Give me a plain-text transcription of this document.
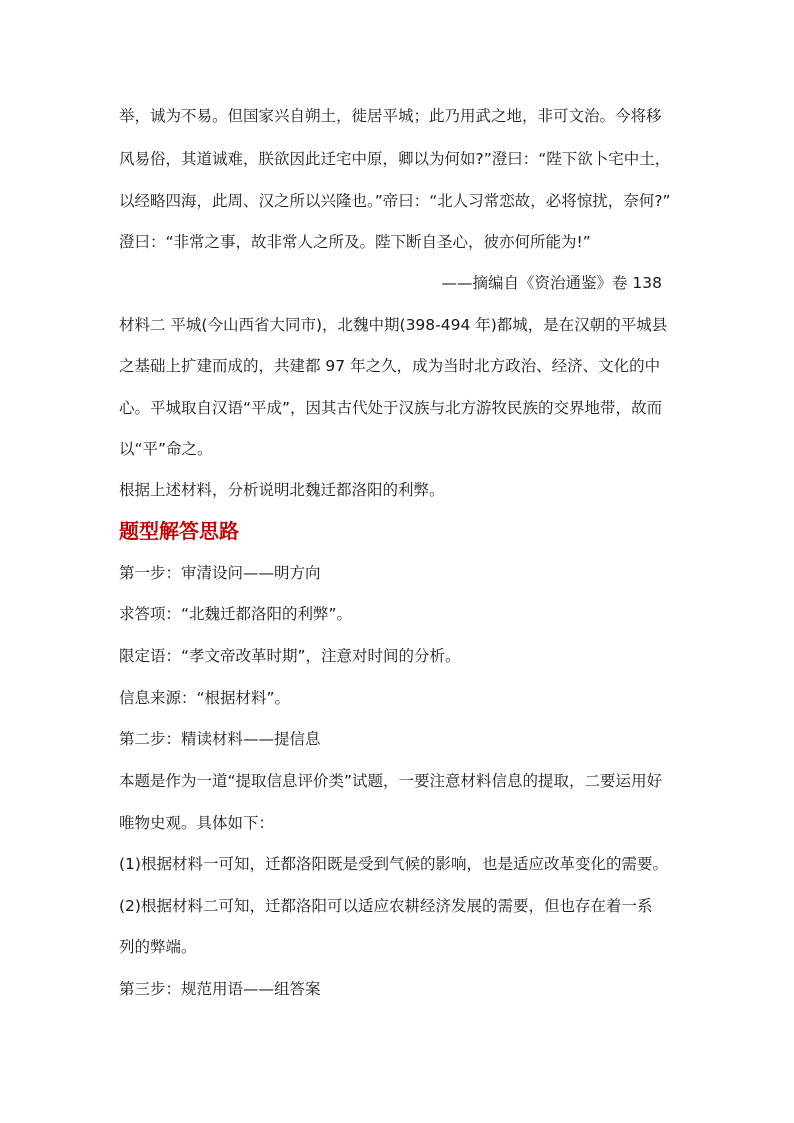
举，诚为不易。但国家兴自朔土，徙居平城；此乃用武之地，非可文治。今将移

风易俗，其道诚难，朕欲因此迁宅中原，卿以为何如?”澄曰：“陛下欲卜宅中土，

以经略四海，此周、汉之所以兴隆也。”帝曰：“北人习常恋故，必将惊扰，奈何?”

澄曰：“非常之事，故非常人之所及。陛下断自圣心，彼亦何所能为!”

——摘编自《资治通鉴》卷 138

材料二 平城(今山西省大同市)，北魏中期(398-494 年)都城，是在汉朝的平城县

之基础上扩建而成的，共建都 97 年之久，成为当时北方政治、经济、文化的中

心。平城取自汉语“平成”，因其古代处于汉族与北方游牧民族的交界地带，故而

以“平”命之。

根据上述材料，分析说明北魏迁都洛阳的利弊。

题型解答思路

第一步：审清设问——明方向

求答项：“北魏迁都洛阳的利弊”。

限定语：“孝文帝改革时期”，注意对时间的分析。

信息来源：“根据材料”。

第二步：精读材料——提信息

本题是作为一道“提取信息评价类”试题，一要注意材料信息的提取，二要运用好

唯物史观。具体如下：

(1)根据材料一可知，迁都洛阳既是受到气候的影响，也是适应改革变化的需要。

(2)根据材料二可知，迁都洛阳可以适应农耕经济发展的需要，但也存在着一系

列的弊端。

第三步：规范用语——组答案
